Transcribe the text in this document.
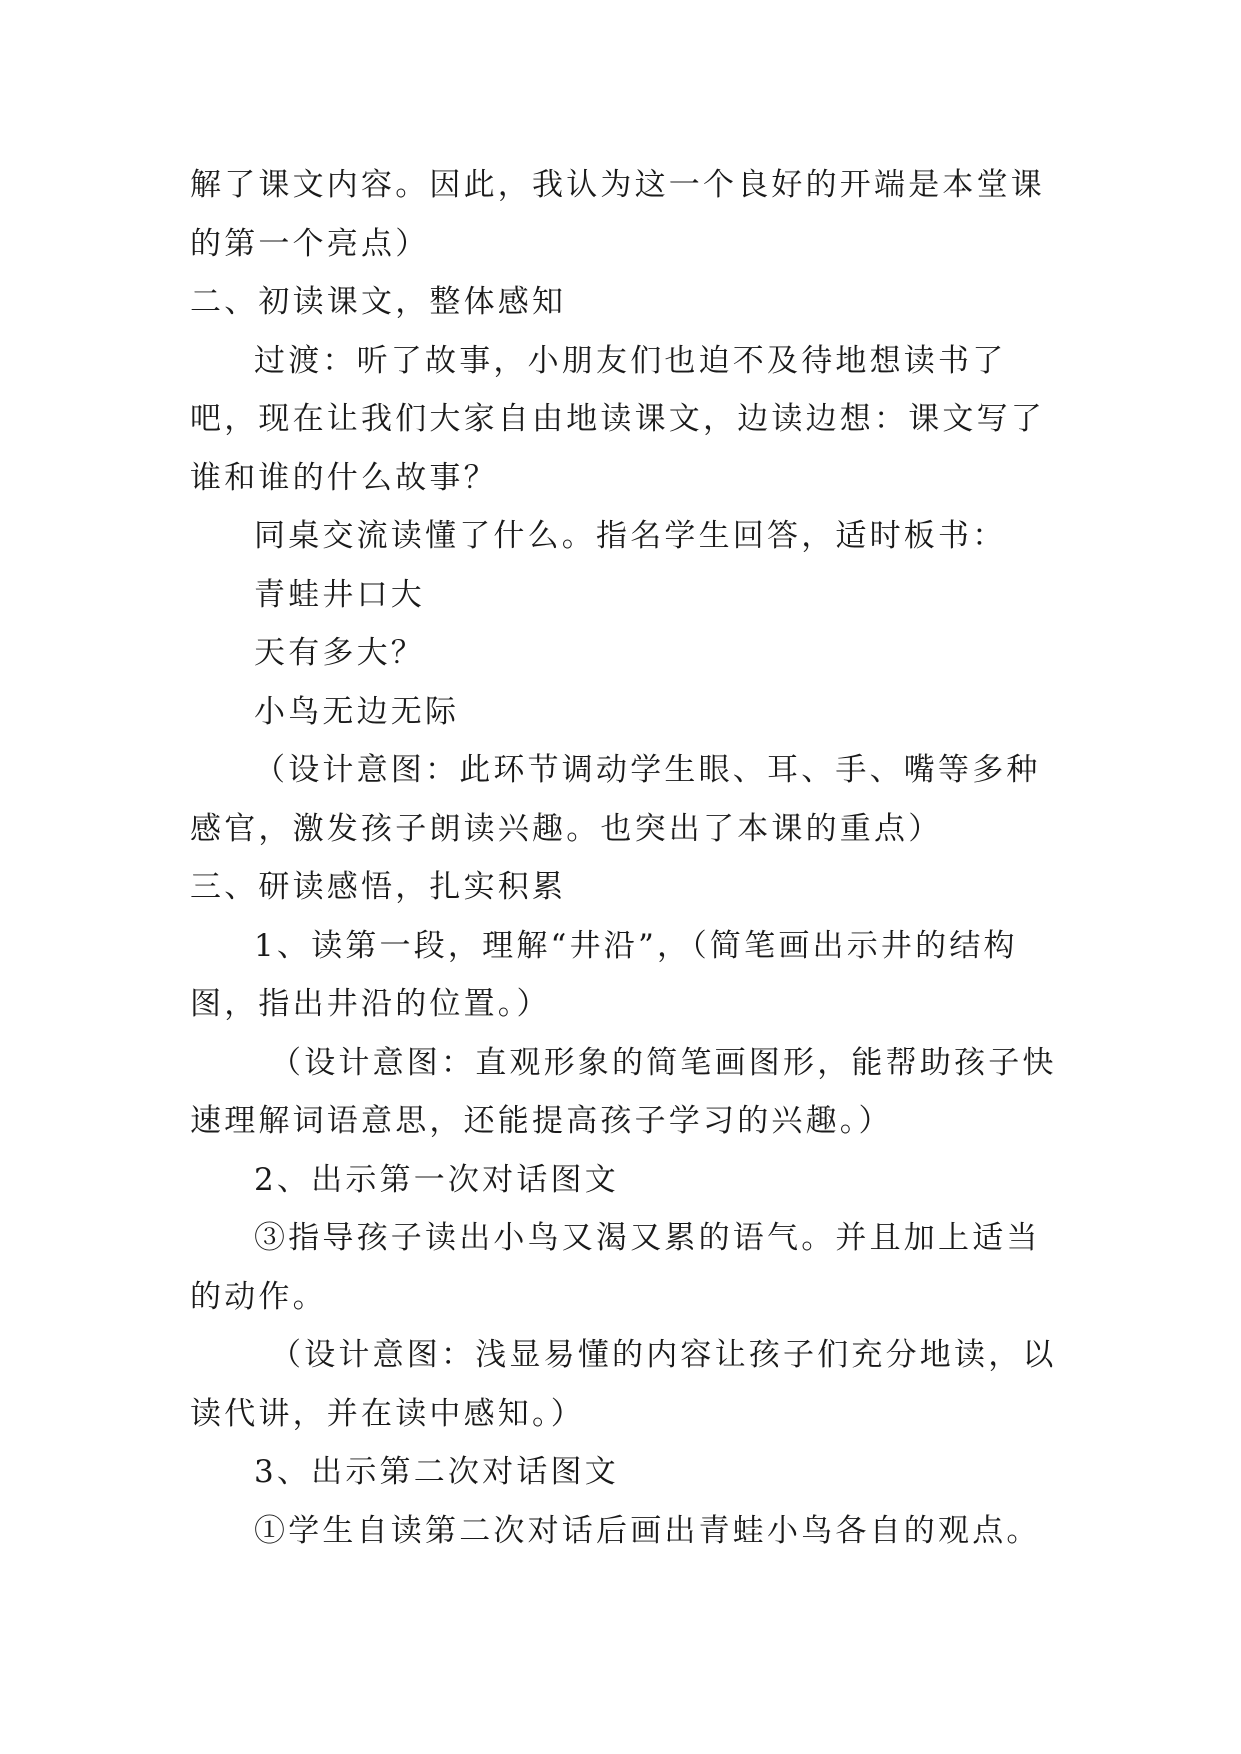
解了课文内容。因此，我认为这一个良好的开端是本堂课的第一个亮点）

二、初读课文，整体感知

过渡：听了故事，小朋友们也迫不及待地想读书了吧，现在让我们大家自由地读课文，边读边想：课文写了谁和谁的什么故事？

同桌交流读懂了什么。指名学生回答，适时板书：

青蛙井口大

天有多大？

小鸟无边无际

（设计意图：此环节调动学生眼、耳、手、嘴等多种感官，激发孩子朗读兴趣。也突出了本课的重点）

三、研读感悟，扎实积累

1、读第一段，理解“井沿”，（简笔画出示井的结构图，指出井沿的位置。）

（设计意图：直观形象的简笔画图形，能帮助孩子快速理解词语意思，还能提高孩子学习的兴趣。）

2、出示第一次对话图文

③指导孩子读出小鸟又渴又累的语气。并且加上适当的动作。

（设计意图：浅显易懂的内容让孩子们充分地读，以读代讲，并在读中感知。）

3、出示第二次对话图文

①学生自读第二次对话后画出青蛙小鸟各自的观点。
